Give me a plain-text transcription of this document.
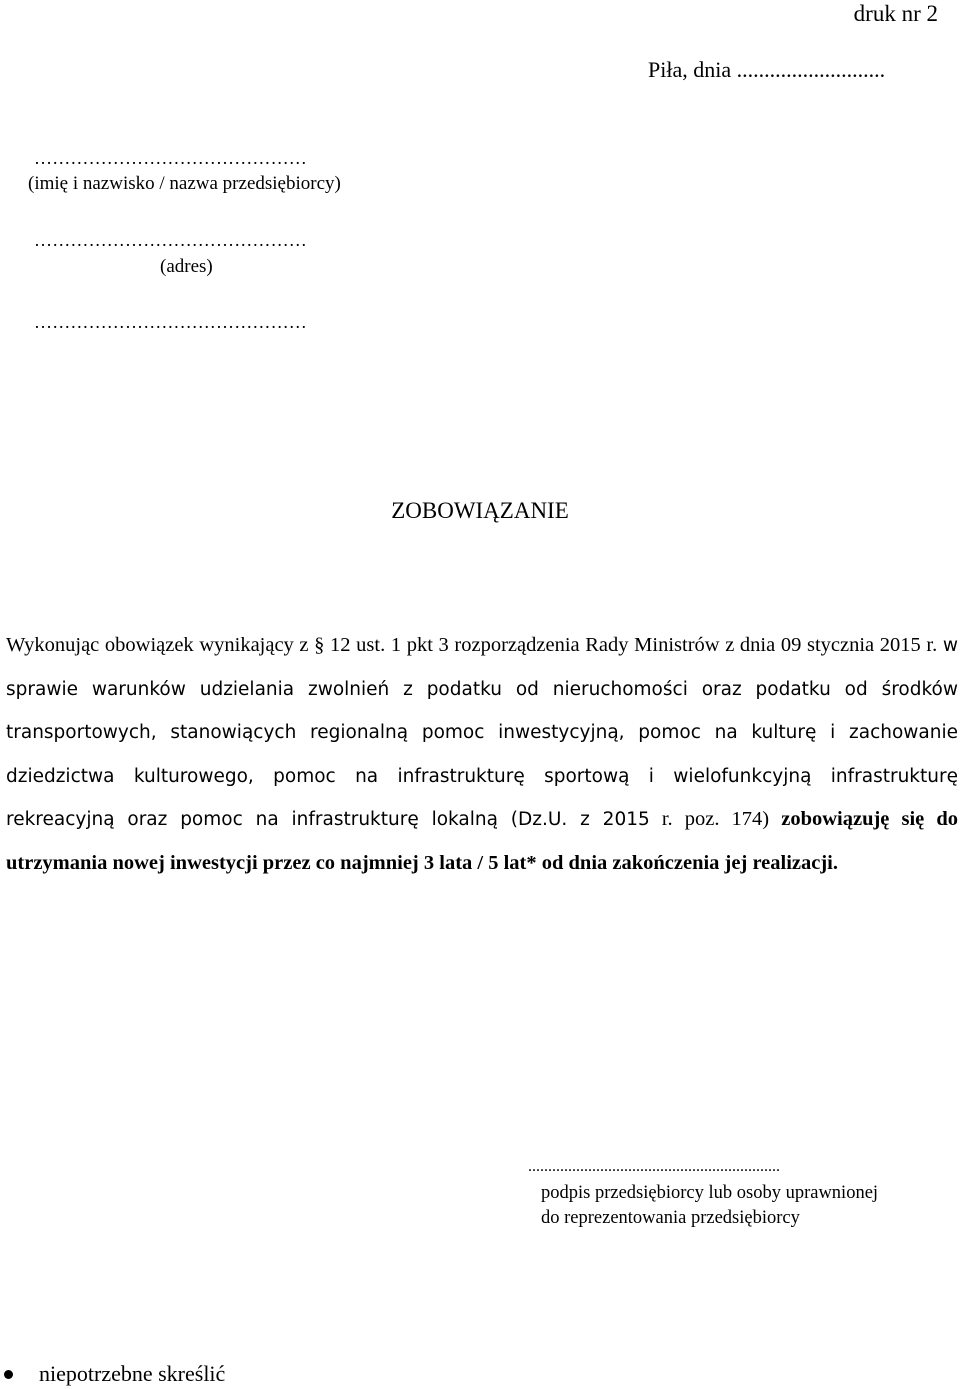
druk nr 2
Piła, dnia ...........................
………………………………………
(imię i nazwisko / nazwa przedsiębiorcy)
………………………………………
(adres)
………………………………………
ZOBOWIĄZANIE
Wykonując obowiązek wynikający z § 12 ust. 1 pkt 3 rozporządzenia Rady Ministrów z dnia 09 stycznia 2015 r. w sprawie warunków udzielania zwolnień z podatku od nieruchomości oraz podatku od środków transportowych, stanowiących regionalną pomoc inwestycyjną, pomoc na kulturę i zachowanie dziedzictwa kulturowego, pomoc na infrastrukturę sportową i wielofunkcyjną infrastrukturę rekreacyjną oraz pomoc na infrastrukturę lokalną (Dz.U. z 2015 r. poz. 174) zobowiązuję się do utrzymania nowej inwestycji przez co najmniej 3 lata / 5 lat* od dnia zakończenia jej realizacji.
...............................................................
podpis przedsiębiorcy lub osoby uprawnionej
do reprezentowania przedsiębiorcy
niepotrzebne skreślić
